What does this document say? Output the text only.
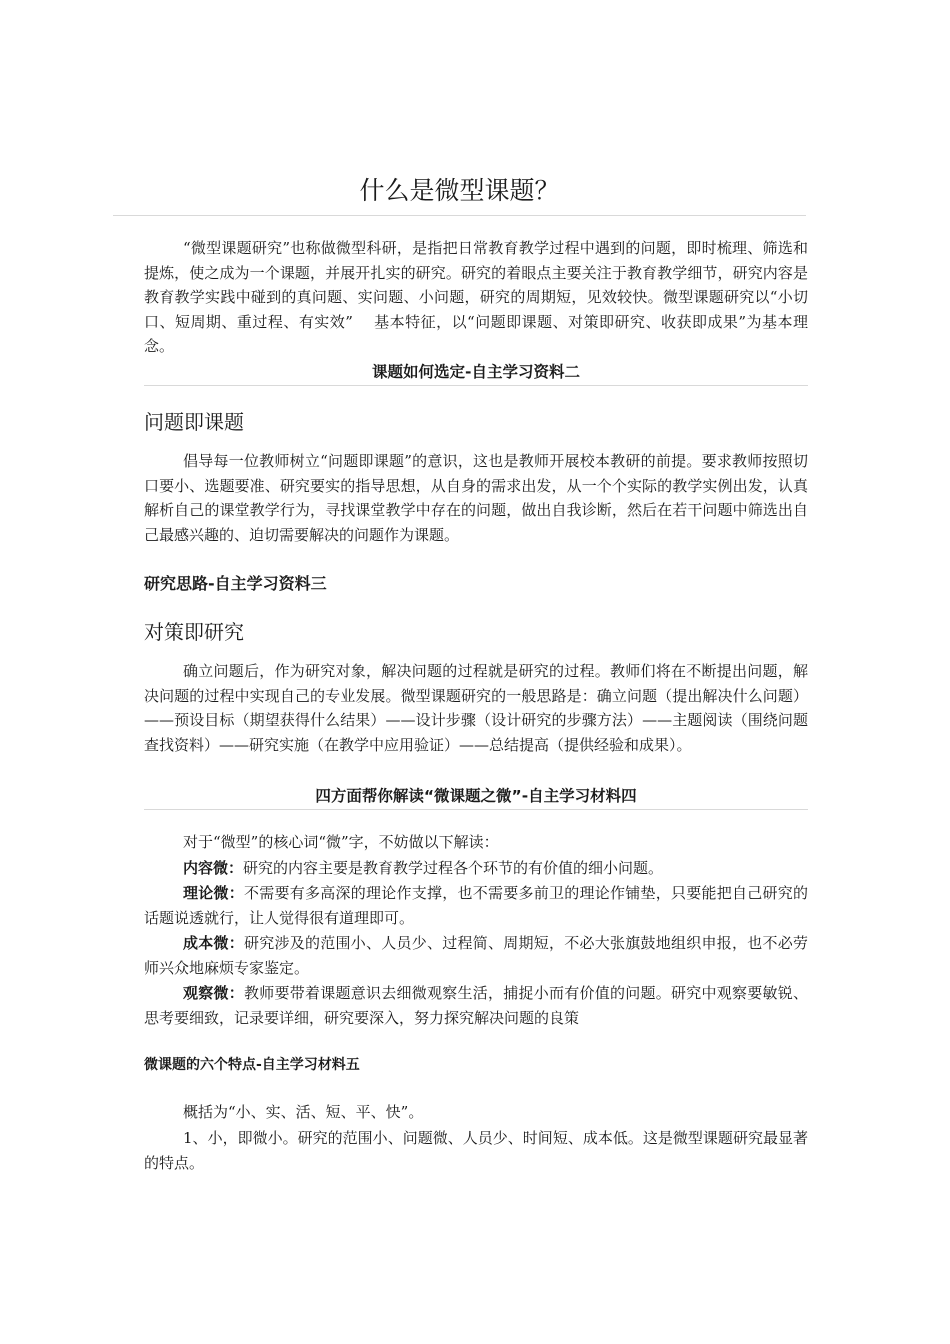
什么是微型课题？

“微型课题研究”也称做微型科研，是指把日常教育教学过程中遇到的问题，即时梳理、筛选和提炼，使之成为一个课题，并展开扎实的研究。研究的着眼点主要关注于教育教学细节，研究内容是教育教学实践中碰到的真问题、实问题、小问题，研究的周期短，见效较快。微型课题研究以“小切口、短周期、重过程、有实效”　 基本特征，以“问题即课题、对策即研究、收获即成果”为基本理念。

课题如何选定-自主学习资料二
问题即课题

倡导每一位教师树立“问题即课题”的意识，这也是教师开展校本教研的前提。要求教师按照切口要小、选题要准、研究要实的指导思想，从自身的需求出发，从一个个实际的教学实例出发，认真解析自己的课堂教学行为，寻找课堂教学中存在的问题，做出自我诊断，然后在若干问题中筛选出自己最感兴趣的、迫切需要解决的问题作为课题。

研究思路-自主学习资料三
对策即研究

确立问题后，作为研究对象，解决问题的过程就是研究的过程。教师们将在不断提出问题，解决问题的过程中实现自己的专业发展。微型课题研究的一般思路是：确立问题（提出解决什么问题）——预设目标（期望获得什么结果）——设计步骤（设计研究的步骤方法）——主题阅读（围绕问题查找资料）——研究实施（在教学中应用验证）——总结提高（提供经验和成果）。

四方面帮你解读“微课题之微”-自主学习材料四

对于“微型”的核心词“微”字，不妨做以下解读：

内容微：研究的内容主要是教育教学过程各个环节的有价值的细小问题。

理论微：不需要有多高深的理论作支撑，也不需要多前卫的理论作铺垫，只要能把自己研究的话题说透就行，让人觉得很有道理即可。

成本微：研究涉及的范围小、人员少、过程简、周期短，不必大张旗鼓地组织申报，也不必劳师兴众地麻烦专家鉴定。

观察微：教师要带着课题意识去细微观察生活，捕捉小而有价值的问题。研究中观察要敏锐、思考要细致，记录要详细，研究要深入，努力探究解决问题的良策

微课题的六个特点-自主学习材料五

概括为“小、实、活、短、平、快”。

1、小，即微小。研究的范围小、问题微、人员少、时间短、成本低。这是微型课题研究最显著的特点。
